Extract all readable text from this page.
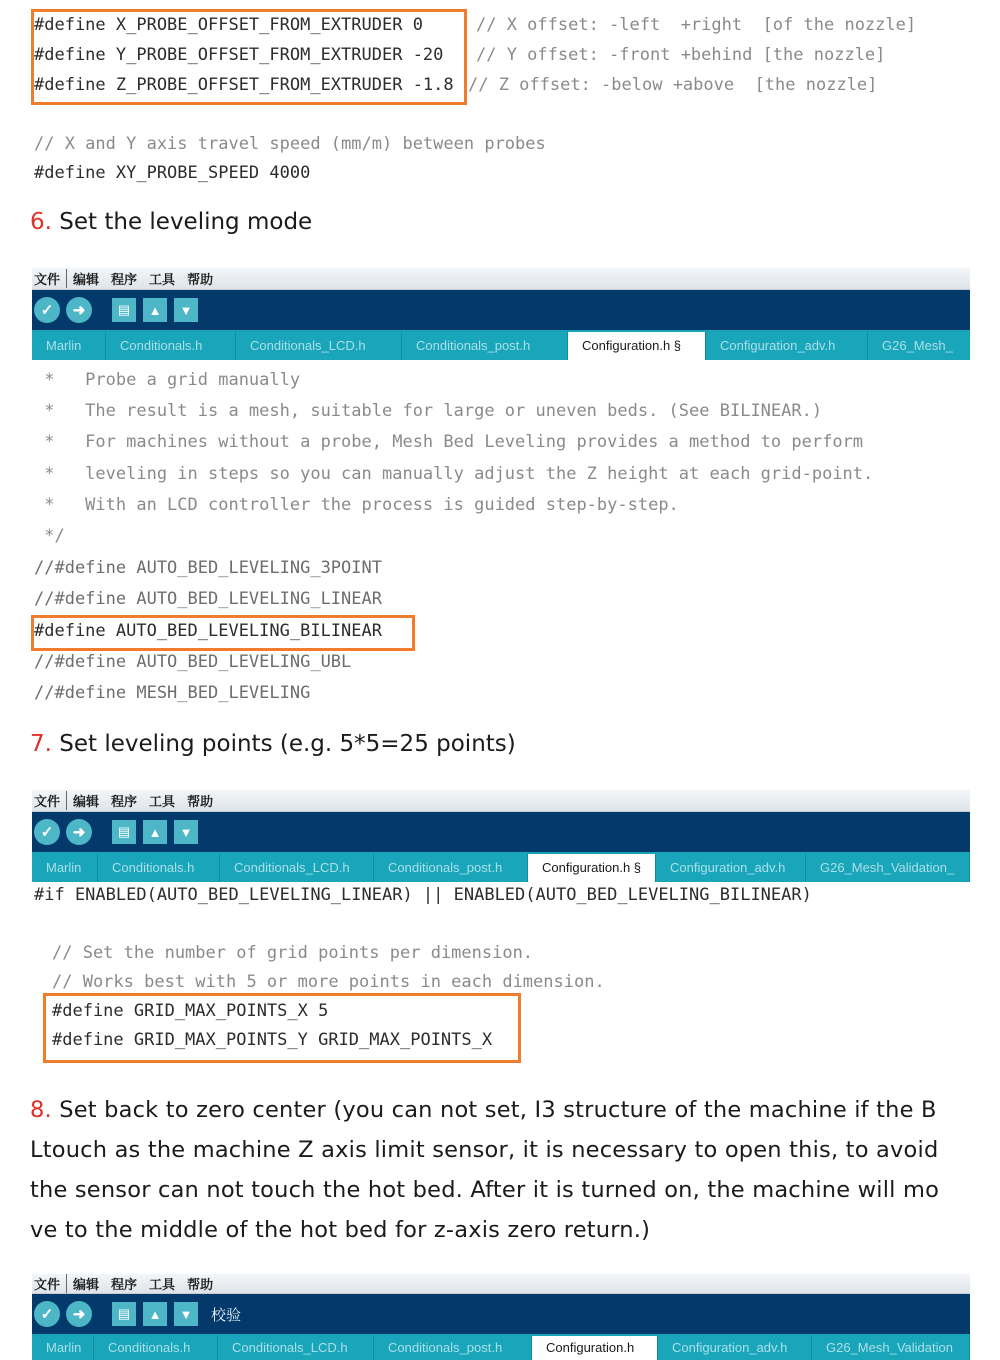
#define X_PROBE_OFFSET_FROM_EXTRUDER 0	// X offset: -left  +right  [of the nozzle]
#define Y_PROBE_OFFSET_FROM_EXTRUDER -20 // Y offset: -front +behind [the nozzle]
#define Z_PROBE_OFFSET_FROM_EXTRUDER -1.8 // Z offset: -below +above  [the nozzle]
// X and Y axis travel speed (mm/m) between probes
#define XY_PROBE_SPEED 4000
6. Set the leveling mode
文件	编辑 程序 工具 帮助
✓ ➜	▤ ▲ ▼
Marlin	Conditionals.h	Conditionals_LCD.h	Conditionals_post.h	Configuration.h §	Configuration_adv.h	G26_Mesh_
*   Probe a grid manually
*   The result is a mesh, suitable for large or uneven beds. (See BILINEAR.)
*   For machines without a probe, Mesh Bed Leveling provides a method to perform
*   leveling in steps so you can manually adjust the Z height at each grid-point.
*   With an LCD controller the process is guided step-by-step.
*/
//#define AUTO_BED_LEVELING_3POINT
//#define AUTO_BED_LEVELING_LINEAR
#define AUTO_BED_LEVELING_BILINEAR
//#define AUTO_BED_LEVELING_UBL
//#define MESH_BED_LEVELING
7. Set leveling points (e.g. 5*5=25 points)
文件	编辑 程序 工具 帮助
✓ ➜	▤ ▲ ▼
Marlin	Conditionals.h	Conditionals_LCD.h	Conditionals_post.h	Configuration.h §	Configuration_adv.h	G26_Mesh_Validation_
#if ENABLED(AUTO_BED_LEVELING_LINEAR) || ENABLED(AUTO_BED_LEVELING_BILINEAR)
// Set the number of grid points per dimension.
// Works best with 5 or more points in each dimension.
#define GRID_MAX_POINTS_X 5
#define GRID_MAX_POINTS_Y GRID_MAX_POINTS_X
8. Set back to zero center (you can not set, I3 structure of the machine if the B
Ltouch as the machine Z axis limit sensor, it is necessary to open this, to avoid
the sensor can not touch the hot bed. After it is turned on, the machine will mo
ve to the middle of the hot bed for z-axis zero return.)
文件	编辑 程序 工具 帮助
✓ ➜	▤ ▲ ▼ 校验
Marlin	Conditionals.h	Conditionals_LCD.h	Conditionals_post.h	Configuration.h	Configuration_adv.h	G26_Mesh_Validation
